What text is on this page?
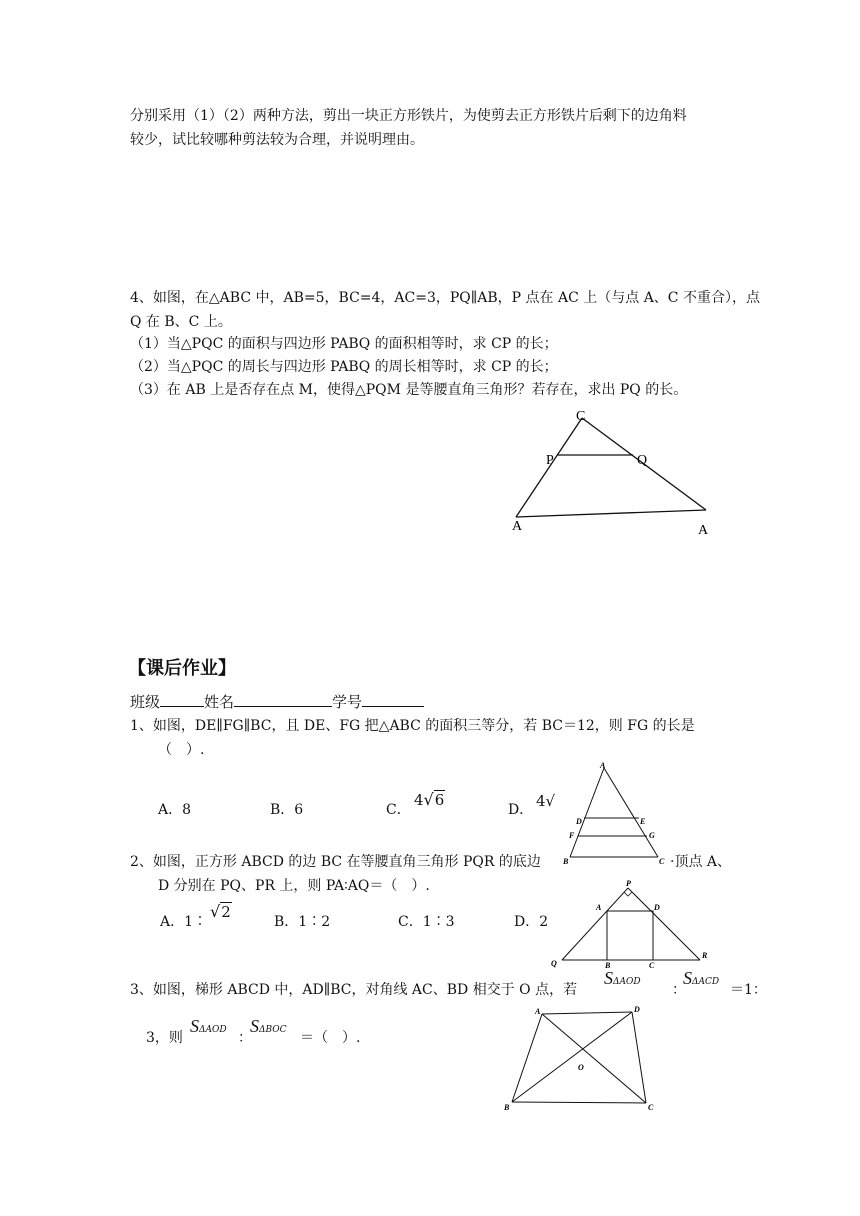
分别采用（1）（2）两种方法，剪出一块正方形铁片，为使剪去正方形铁片后剩下的边角料
较少，试比较哪种剪法较为合理，并说明理由。
4、如图，在△ABC 中，AB=5，BC=4，AC=3，PQ∥AB，P 点在 AC 上（与点 A、C 不重合），点
Q 在 B、C 上。
（1）当△PQC 的面积与四边形 PABQ 的面积相等时，求 CP 的长；
（2）当△PQC 的周长与四边形 PABQ 的周长相等时，求 CP 的长；
（3）在 AB 上是否存在点 M，使得△PQM 是等腰直角三角形？若存在，求出 PQ 的长。
C
P	Q
A	A
【课后作业】
班级	姓名	学号
1、如图，DE∥FG∥BC，且 DE、FG 把△ABC 的面积三等分，若 BC＝12，则 FG 的长是
（　）.
A．8	B．6	C．
4√6
D． 4√
A
D	E
F	G
B	C
2、如图，正方形 ABCD 的边 BC 在等腰直角三角形 PQR 的底边	·顶点 A、
D 分别在 PQ、PR 上，则 PA∶AQ＝（　）.
A．1∶
√2
B．1∶2	C．1∶3	D．2
P
A	D
Q	B	C
R
3、如图，梯形 ABCD 中，AD∥BC，对角线 AC、BD 相交于 O 点，若
SΔAOD ：
SΔACD ＝1：
3，则
SΔAOD ：
SΔBOC ＝（　）.
A	D
O
B	C
